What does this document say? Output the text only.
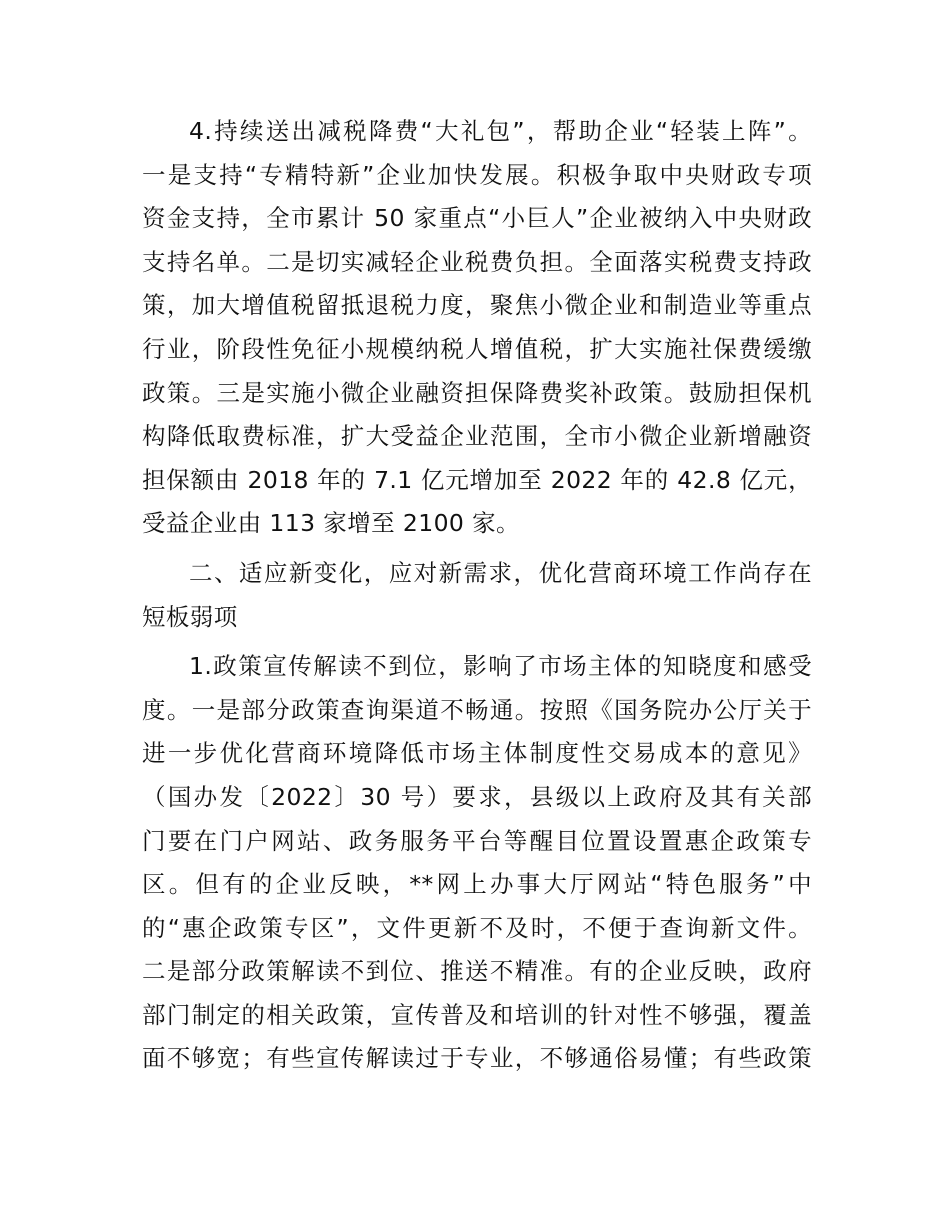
4.持续送出减税降费“大礼包”，帮助企业“轻装上阵”。
一是支持“专精特新”企业加快发展。积极争取中央财政专项
资金支持，全市累计 50 家重点“小巨人”企业被纳入中央财政
支持名单。二是切实减轻企业税费负担。全面落实税费支持政
策，加大增值税留抵退税力度，聚焦小微企业和制造业等重点
行业，阶段性免征小规模纳税人增值税，扩大实施社保费缓缴
政策。三是实施小微企业融资担保降费奖补政策。鼓励担保机
构降低取费标准，扩大受益企业范围，全市小微企业新增融资
担保额由 2018 年的 7.1 亿元增加至 2022 年的 42.8 亿元，
受益企业由 113 家增至 2100 家。
二、适应新变化，应对新需求，优化营商环境工作尚存在
短板弱项
1.政策宣传解读不到位，影响了市场主体的知晓度和感受
度。一是部分政策查询渠道不畅通。按照《国务院办公厅关于
进一步优化营商环境降低市场主体制度性交易成本的意见》
（国办发〔2022〕30 号）要求，县级以上政府及其有关部
门要在门户网站、政务服务平台等醒目位置设置惠企政策专
区。但有的企业反映，**网上办事大厅网站“特色服务”中
的“惠企政策专区”，文件更新不及时，不便于查询新文件。
二是部分政策解读不到位、推送不精准。有的企业反映，政府
部门制定的相关政策，宣传普及和培训的针对性不够强，覆盖
面不够宽；有些宣传解读过于专业，不够通俗易懂；有些政策
